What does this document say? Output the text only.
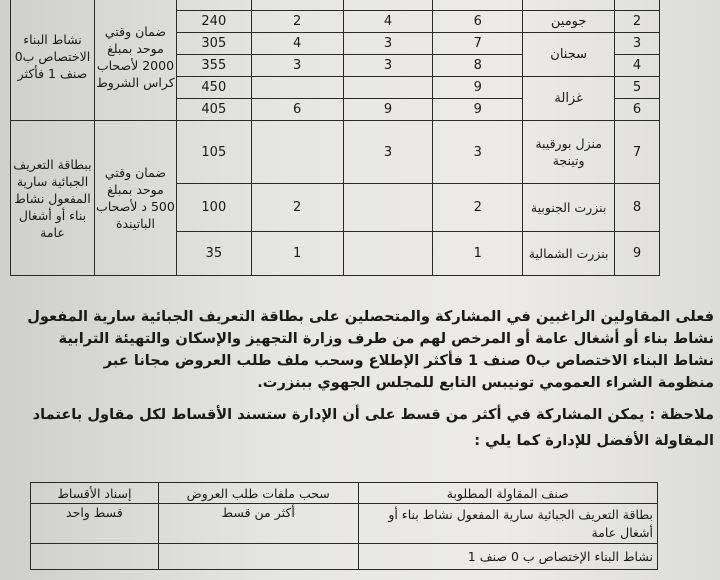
						ضمان وقتي موحد بمبلغ 2000 لأصحاب كراس الشروط	نشاط البناء الاختصاص ب0 صنف 1 فأكثر
2	جومين	6	4	2	240		
3	سجنان	7	3	4	305		
4		8	3	3	355		
5	غزالة	9			450		
6		9	9	6	405		
7	منزل بورقيبة وتينجة	3	3		105	ضمان وقتي موحد بمبلغ 500 د لأصحاب الباتيندة	ببطاقة التعريف الجبائية سارية المفعول نشاط بناء أو أشغال عامة
8	بنزرت الجنوبية	2		2	100		
9	بنزرت الشمالية	1		1	35		
فعلى المقاولين الراغبين في المشاركة والمتحصلين على بطاقة التعريف الجبائية سارية المفعول
نشاط بناء أو أشغال عامة أو المرخص لهم من طرف وزارة التجهيز والإسكان والتهيئة الترابية
نشاط البناء الاختصاص ب0 صنف 1 فأكثر الإطلاع وسحب ملف طلب العروض مجانا عبر
منظومة الشراء العمومي تونيبس التابع للمجلس الجهوي ببنزرت.
ملاحظة : يمكن المشاركة في أكثر من قسط على أن الإدارة ستسند الأقساط لكل مقاول باعتماد
المقاولة الأفضل للإدارة كما يلي :
صنف المقاولة المطلوبة	سحب ملفات طلب العروض	إسناد الأقساط
بطاقة التعريف الجبائية سارية المفعول نشاط بناء أو أشغال عامة	أكثر من قسط	قسط واحد
نشاط البناء الإختصاص ب 0 صنف 1		
